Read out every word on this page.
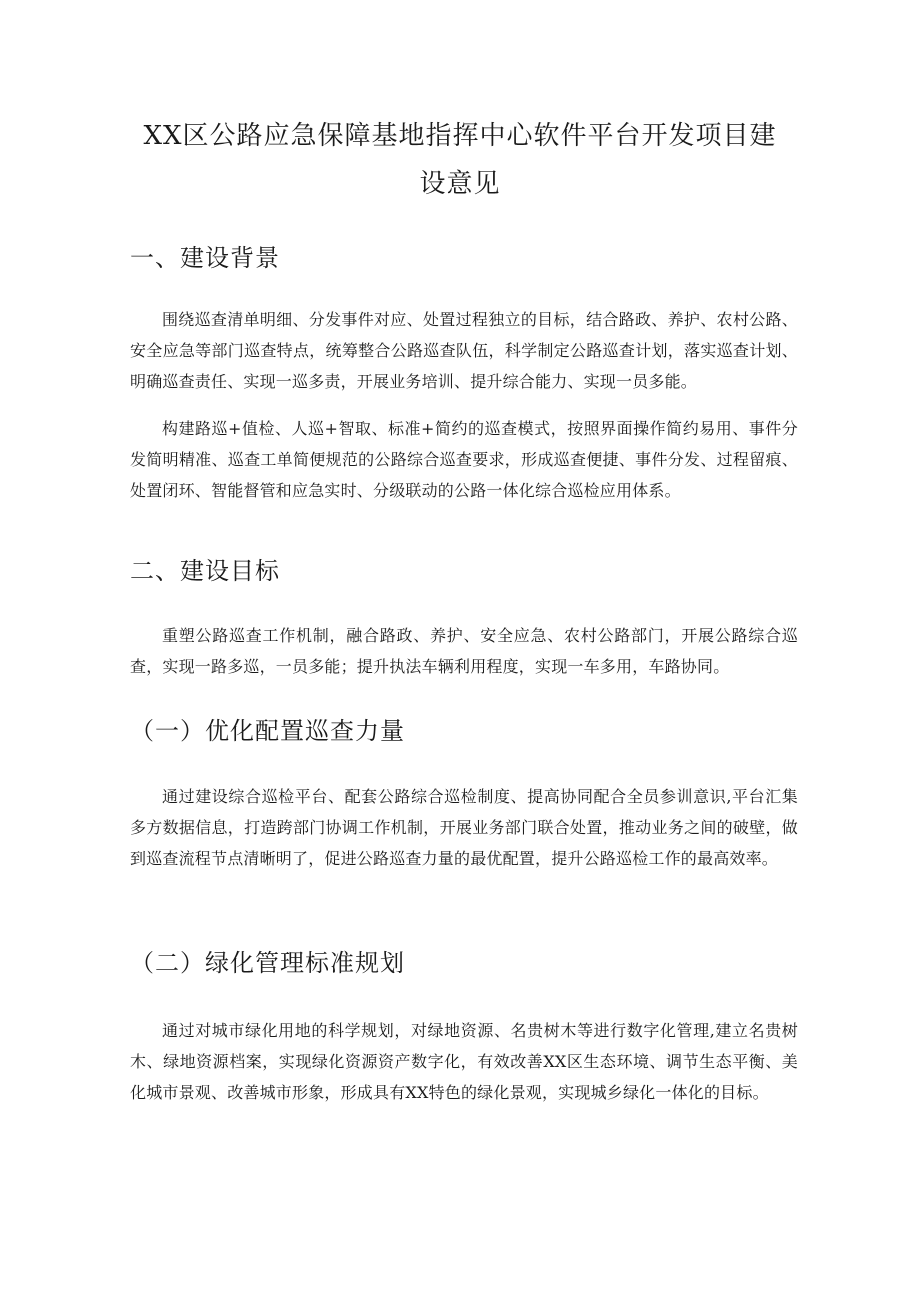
XX区公路应急保障基地指挥中心软件平台开发项目建设意见
一、建设背景

围绕巡查清单明细、分发事件对应、处置过程独立的目标，结合路政、养护、农村公路、安全应急等部门巡查特点，统筹整合公路巡查队伍，科学制定公路巡查计划，落实巡查计划、明确巡查责任、实现一巡多责，开展业务培训、提升综合能力、实现一员多能。

构建路巡+值检、人巡+智取、标准+简约的巡查模式，按照界面操作简约易用、事件分发简明精准、巡查工单简便规范的公路综合巡查要求，形成巡查便捷、事件分发、过程留痕、处置闭环、智能督管和应急实时、分级联动的公路一体化综合巡检应用体系。

二、建设目标

重塑公路巡查工作机制，融合路政、养护、安全应急、农村公路部门，开展公路综合巡查，实现一路多巡，一员多能；提升执法车辆利用程度，实现一车多用，车路协同。

（一）优化配置巡查力量

通过建设综合巡检平台、配套公路综合巡检制度、提高协同配合全员参训意识,平台汇集多方数据信息，打造跨部门协调工作机制，开展业务部门联合处置，推动业务之间的破壁，做到巡查流程节点清晰明了，促进公路巡查力量的最优配置，提升公路巡检工作的最高效率。

（二）绿化管理标准规划

通过对城市绿化用地的科学规划，对绿地资源、名贵树木等进行数字化管理,建立名贵树木、绿地资源档案，实现绿化资源资产数字化，有效改善XX区生态环境、调节生态平衡、美化城市景观、改善城市形象，形成具有XX特色的绿化景观，实现城乡绿化一体化的目标。
